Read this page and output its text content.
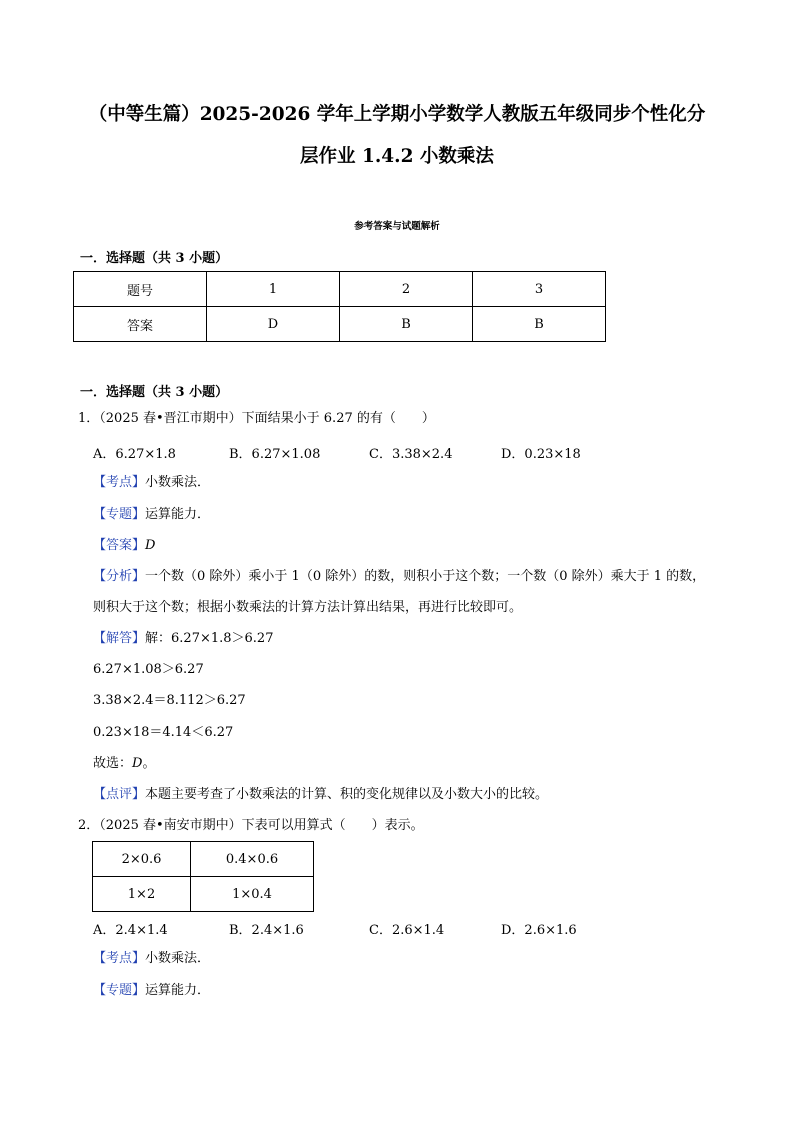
（中等生篇）2025-2026 学年上学期小学数学人教版五年级同步个性化分
层作业 1.4.2 小数乘法
参考答案与试题解析
一．选择题（共 3 小题）
题号	1	2	3
答案	D	B	B
一．选择题（共 3 小题）
1．（2025 春•晋江市期中）下面结果小于 6.27 的有（　　）
A．6.27×1.8	B．6.27×1.08	C．3.38×2.4	D．0.23×18
【考点】小数乘法．
【专题】运算能力．
【答案】D
【分析】一个数（0 除外）乘小于 1（0 除外）的数，则积小于这个数；一个数（0 除外）乘大于 1 的数，
则积大于这个数；根据小数乘法的计算方法计算出结果，再进行比较即可。
【解答】解：6.27×1.8＞6.27
6.27×1.08＞6.27
3.38×2.4＝8.112＞6.27
0.23×18＝4.14＜6.27
故选：D。
【点评】本题主要考查了小数乘法的计算、积的变化规律以及小数大小的比较。
2．（2025 春•南安市期中）下表可以用算式（　　）表示。
2×0.6	0.4×0.6
1×2	1×0.4
A．2.4×1.4	B．2.4×1.6	C．2.6×1.4	D．2.6×1.6
【考点】小数乘法．
【专题】运算能力．
